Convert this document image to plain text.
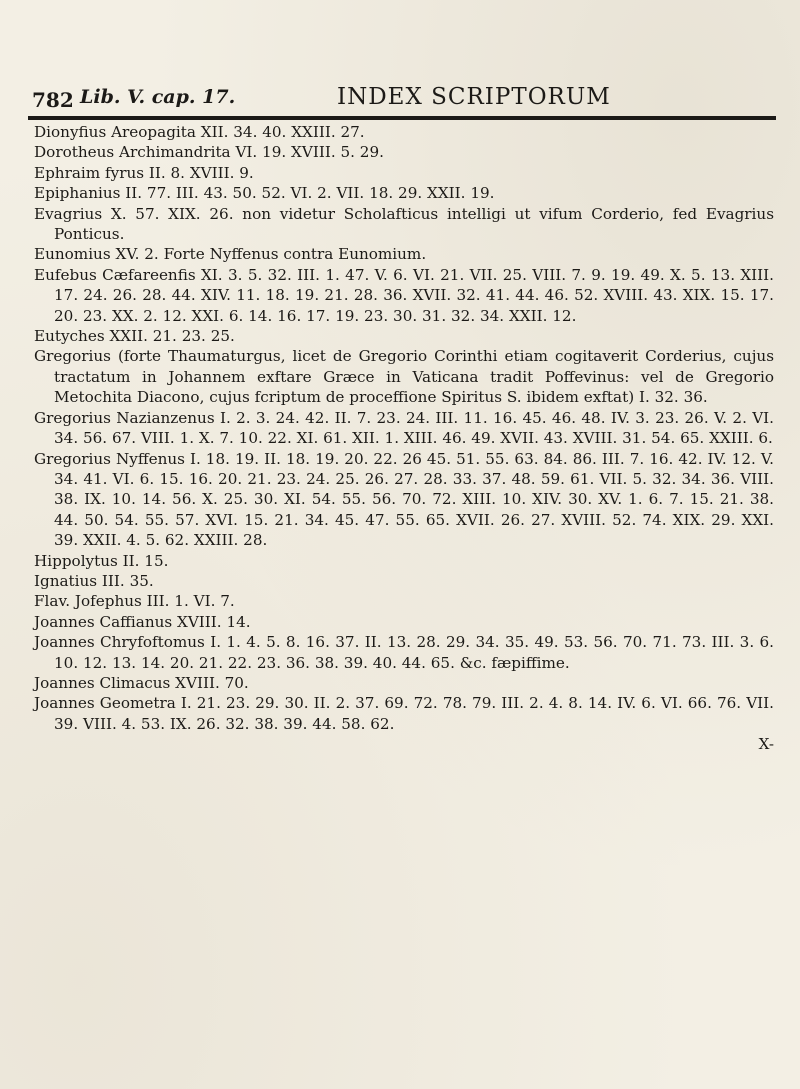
782 Lib. V. cap. 17.	INDEX SCRIPTORUM

Dionyfius Areopagita XII. 34. 40. XXIII. 27.

Dorotheus Archimandrita VI. 19. XVIII. 5. 29.

Ephraim fyrus II. 8. XVIII. 9.

Epiphanius II. 77. III. 43. 50. 52. VI. 2. VII. 18. 29. XXII. 19.

Evagrius X. 57. XIX. 26. non videtur Scholafticus intelligi ut vifum Corderio, fed Evagrius Ponticus.

Eunomius XV. 2. Forte Nyffenus contra Eunomium.

Eufebus Cæfareenfis XI. 3. 5. 32. III. 1. 47. V. 6. VI. 21. VII. 25. VIII. 7. 9. 19. 49. X. 5. 13. XIII. 17. 24. 26. 28. 44. XIV. 11. 18. 19. 21. 28. 36. XVII. 32. 41. 44. 46. 52. XVIII. 43. XIX. 15. 17. 20. 23. XX. 2. 12. XXI. 6. 14. 16. 17. 19. 23. 30. 31. 32. 34. XXII. 12.

Eutyches XXII. 21. 23. 25.

Gregorius (forte Thaumaturgus, licet de Gregorio Corinthi etiam cogitaverit Corderius, cujus tractatum in Johannem exftare Græce in Vaticana tradit Poffevinus: vel de Gregorio Metochita Diacono, cujus fcriptum de proceffione Spiritus S. ibidem exftat) I. 32. 36.

Gregorius Nazianzenus I. 2. 3. 24. 42. II. 7. 23. 24. III. 11. 16. 45. 46. 48. IV. 3. 23. 26. V. 2. VI. 34. 56. 67. VIII. 1. X. 7. 10. 22. XI. 61. XII. 1. XIII. 46. 49. XVII. 43. XVIII. 31. 54. 65. XXIII. 6.

Gregorius Nyffenus I. 18. 19. II. 18. 19. 20. 22. 26 45. 51. 55. 63. 84. 86. III. 7. 16. 42. IV. 12. V. 34. 41. VI. 6. 15. 16. 20. 21. 23. 24. 25. 26. 27. 28. 33. 37. 48. 59. 61. VII. 5. 32. 34. 36. VIII. 38. IX. 10. 14. 56. X. 25. 30. XI. 54. 55. 56. 70. 72. XIII. 10. XIV. 30. XV. 1. 6. 7. 15. 21. 38. 44. 50. 54. 55. 57. XVI. 15. 21. 34. 45. 47. 55. 65. XVII. 26. 27. XVIII. 52. 74. XIX. 29. XXI. 39. XXII. 4. 5. 62. XXIII. 28.

Hippolytus II. 15.

Ignatius III. 35.

Flav. Jofephus III. 1. VI. 7.

Joannes Caffianus XVIII. 14.

Joannes Chryfoftomus I. 1. 4. 5. 8. 16. 37. II. 13. 28. 29. 34. 35. 49. 53. 56. 70. 71. 73. III. 3. 6. 10. 12. 13. 14. 20. 21. 22. 23. 36. 38. 39. 40. 44. 65. &c. fæpiffime.

Joannes Climacus XVIII. 70.

Joannes Geometra I. 21. 23. 29. 30. II. 2. 37. 69. 72. 78. 79. III. 2. 4. 8. 14. IV. 6. VI. 66. 76. VII. 39. VIII. 4. 53. IX. 26. 32. 38. 39. 44. 58. 62.

X-
